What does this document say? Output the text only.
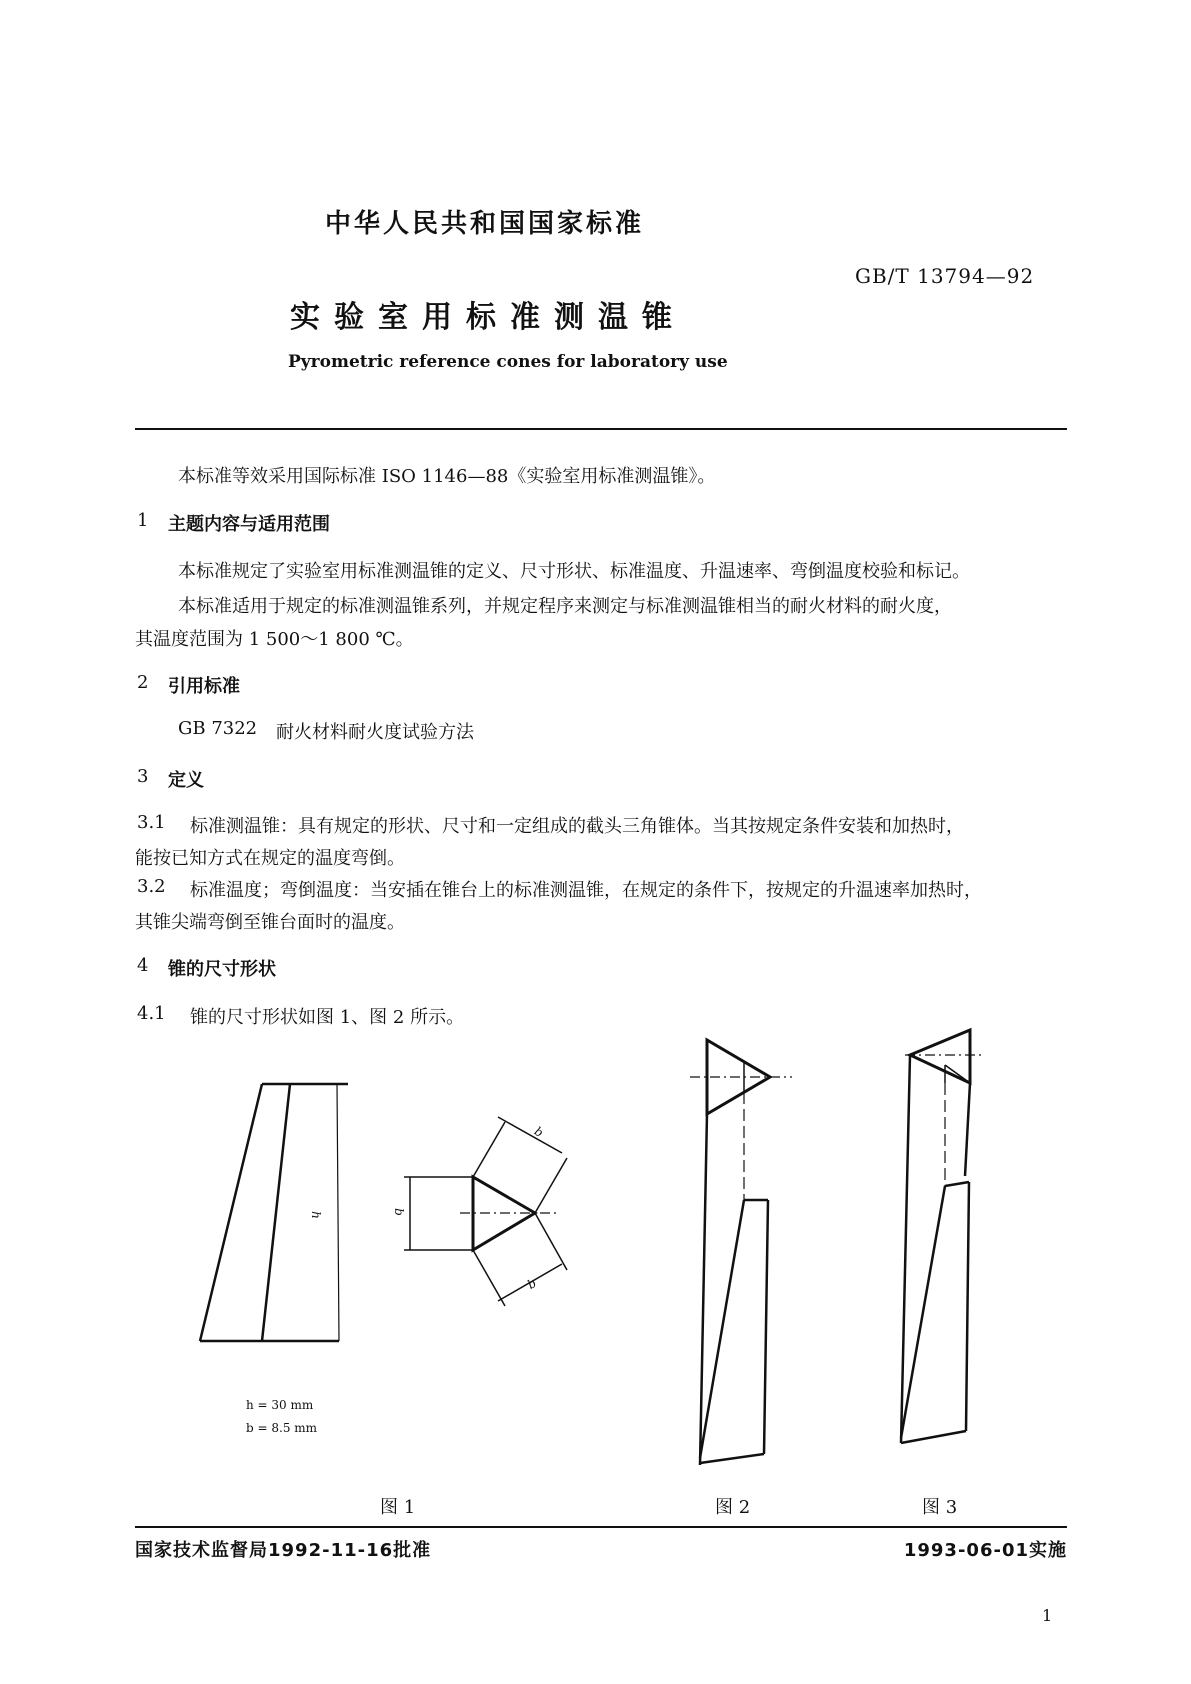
中华人民共和国国家标准
GB/T 13794—92
实验室用标准测温锥
Pyrometric reference cones for laboratory use
本标准等效采用国际标准 ISO 1146—88《实验室用标准测温锥》。
1 主题内容与适用范围
本标准规定了实验室用标准测温锥的定义、尺寸形状、标准温度、升温速率、弯倒温度校验和标记。
本标准适用于规定的标准测温锥系列，并规定程序来测定与标准测温锥相当的耐火材料的耐火度，
其温度范围为 1 500～1 800 ℃。
2 引用标准
GB 7322 耐火材料耐火度试验方法
3 定义
3.1 标准测温锥：具有规定的形状、尺寸和一定组成的截头三角锥体。当其按规定条件安装和加热时，
能按已知方式在规定的温度弯倒。
3.2 标准温度；弯倒温度：当安插在锥台上的标准测温锥，在规定的条件下，按规定的升温速率加热时，
其锥尖端弯倒至锥台面时的温度。
4 锥的尺寸形状
4.1 锥的尺寸形状如图 1、图 2 所示。
h	b
b
b
h = 30 mm
b = 8.5 mm
图 1	图 2	图 3
国家技术监督局1992-11-16批准	1993-06-01实施
1
